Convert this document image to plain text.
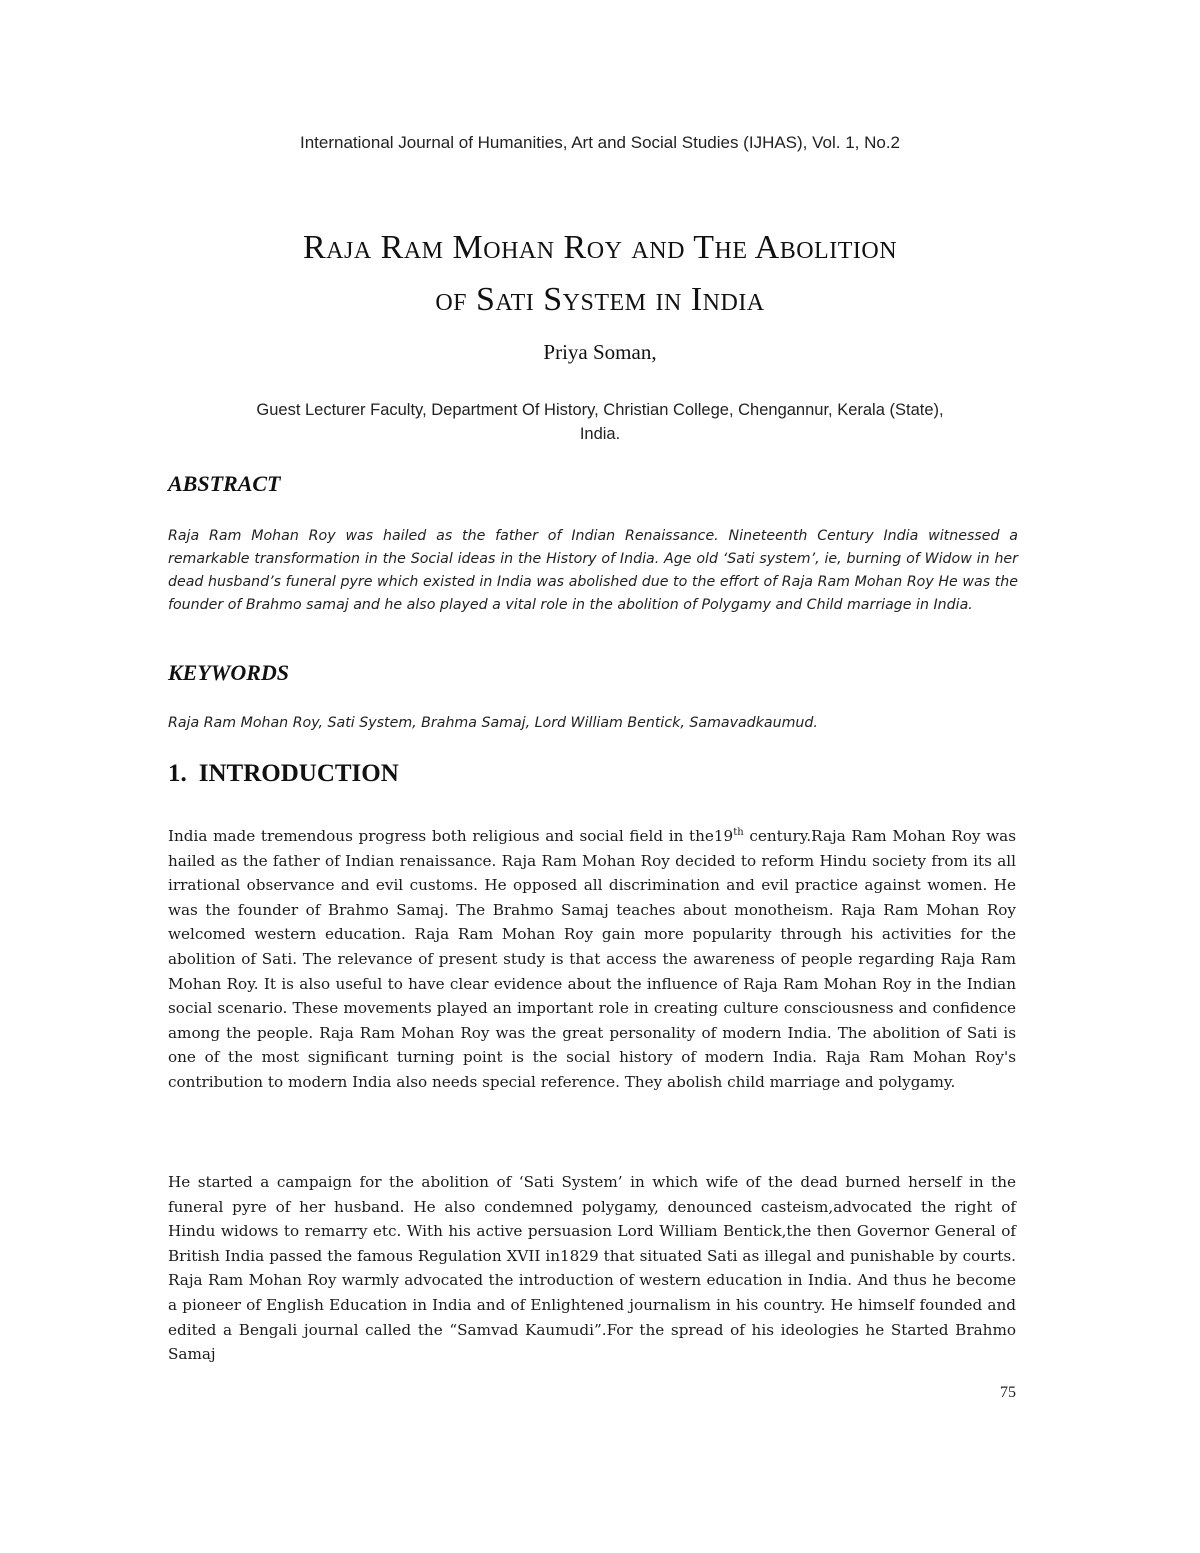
International Journal of Humanities, Art and Social Studies (IJHAS), Vol. 1, No.2
Raja Ram Mohan Roy and The Abolition
of Sati System in India
Priya Soman,
Guest Lecturer Faculty, Department Of History, Christian College, Chengannur, Kerala (State),
India.
ABSTRACT
Raja Ram Mohan Roy was hailed as the father of Indian Renaissance. Nineteenth Century India witnessed a remarkable transformation in the Social ideas in the History of India. Age old ‘Sati system’, ie, burning of Widow in her dead husband’s funeral pyre which existed in India was abolished due to the effort of Raja Ram Mohan Roy He was the founder of Brahmo samaj and he also played a vital role in the abolition of Polygamy and Child marriage in India.
KEYWORDS
Raja Ram Mohan Roy, Sati System, Brahma Samaj, Lord William Bentick, Samavadkaumud.
1. INTRODUCTION
India made tremendous progress both religious and social field in the19th century.Raja Ram Mohan Roy was hailed as the father of Indian renaissance. Raja Ram Mohan Roy decided to reform Hindu society from its all irrational observance and evil customs. He opposed all discrimination and evil practice against women. He was the founder of Brahmo Samaj. The Brahmo Samaj teaches about monotheism. Raja Ram Mohan Roy welcomed western education. Raja Ram Mohan Roy gain more popularity through his activities for the abolition of Sati. The relevance of present study is that access the awareness of people regarding Raja Ram Mohan Roy. It is also useful to have clear evidence about the influence of Raja Ram Mohan Roy in the Indian social scenario. These movements played an important role in creating culture consciousness and confidence among the people. Raja Ram Mohan Roy was the great personality of modern India. The abolition of Sati is one of the most significant turning point is the social history of modern India. Raja Ram Mohan Roy's contribution to modern India also needs special reference. They abolish child marriage and polygamy.
He started a campaign for the abolition of ‘Sati System’ in which wife of the dead burned herself in the funeral pyre of her husband. He also condemned polygamy, denounced casteism,advocated the right of Hindu widows to remarry etc. With his active persuasion Lord William Bentick,the then Governor General of British India passed the famous Regulation XVII in1829 that situated Sati as illegal and punishable by courts. Raja Ram Mohan Roy warmly advocated the introduction of western education in India. And thus he become a pioneer of English Education in India and of Enlightened journalism in his country. He himself founded and edited a Bengali journal called the “Samvad Kaumudi”.For the spread of his ideologies he Started Brahmo Samaj
75
